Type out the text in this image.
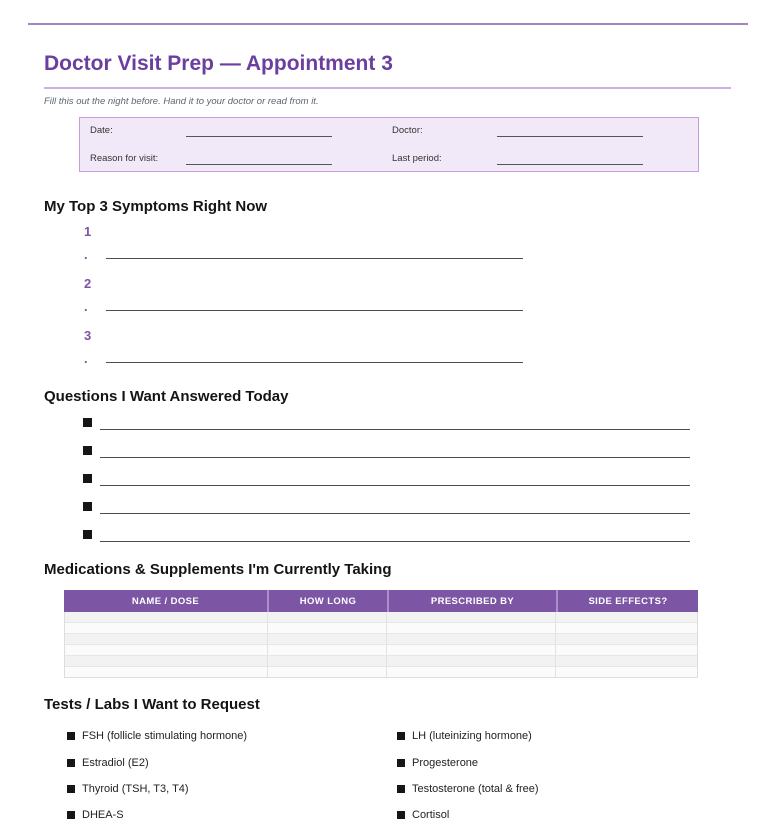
Doctor Visit Prep — Appointment 3
Fill this out the night before. Hand it to your doctor or read from it.
Date:	Doctor:
Reason for visit:	Last period:
My Top 3 Symptoms Right Now
1
.
2
.
3
.
Questions I Want Answered Today
Medications & Supplements I'm Currently Taking
NAME / DOSE	HOW LONG	PRESCRIBED BY	SIDE EFFECTS?
Tests / Labs I Want to Request
FSH (follicle stimulating hormone)
Estradiol (E2)
Thyroid (TSH, T3, T4)
DHEA-S
LH (luteinizing hormone)
Progesterone
Testosterone (total & free)
Cortisol
